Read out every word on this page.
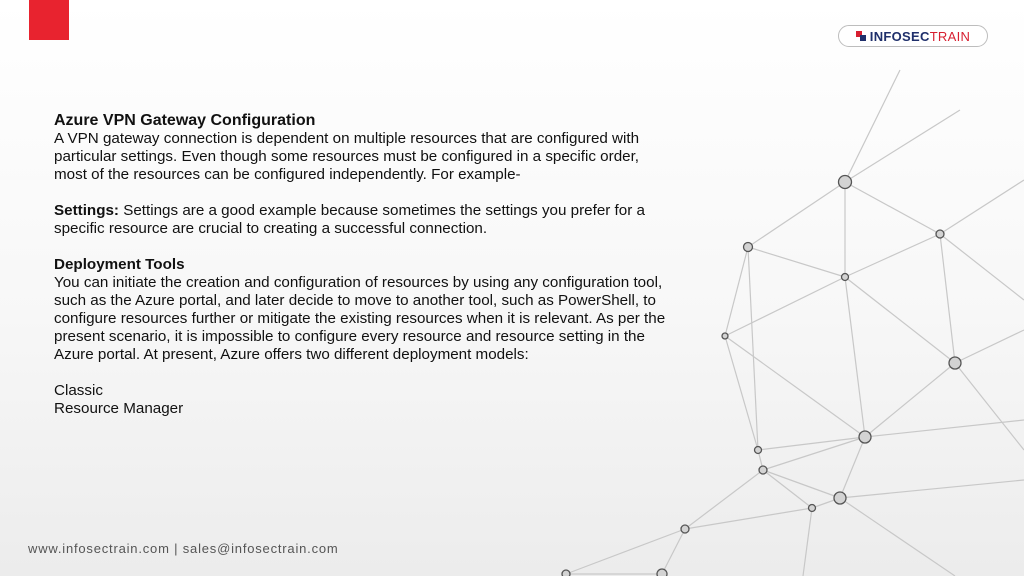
INFOSECTRAIN

Azure VPN Gateway Configuration

A VPN gateway connection is dependent on multiple resources that are configured with particular settings. Even though some resources must be configured in a specific order, most of the resources can be configured independently. For example-

Settings: Settings are a good example because sometimes the settings you prefer for a specific resource are crucial to creating a successful connection.

Deployment Tools

You can initiate the creation and configuration of resources by using any configuration tool, such as the Azure portal, and later decide to move to another tool, such as PowerShell, to configure resources further or mitigate the existing resources when it is relevant. As per the present scenario, it is impossible to configure every resource and resource setting in the Azure portal. At present, Azure offers two different deployment models:

Classic

Resource Manager

www.infosectrain.com | sales@infosectrain.com
